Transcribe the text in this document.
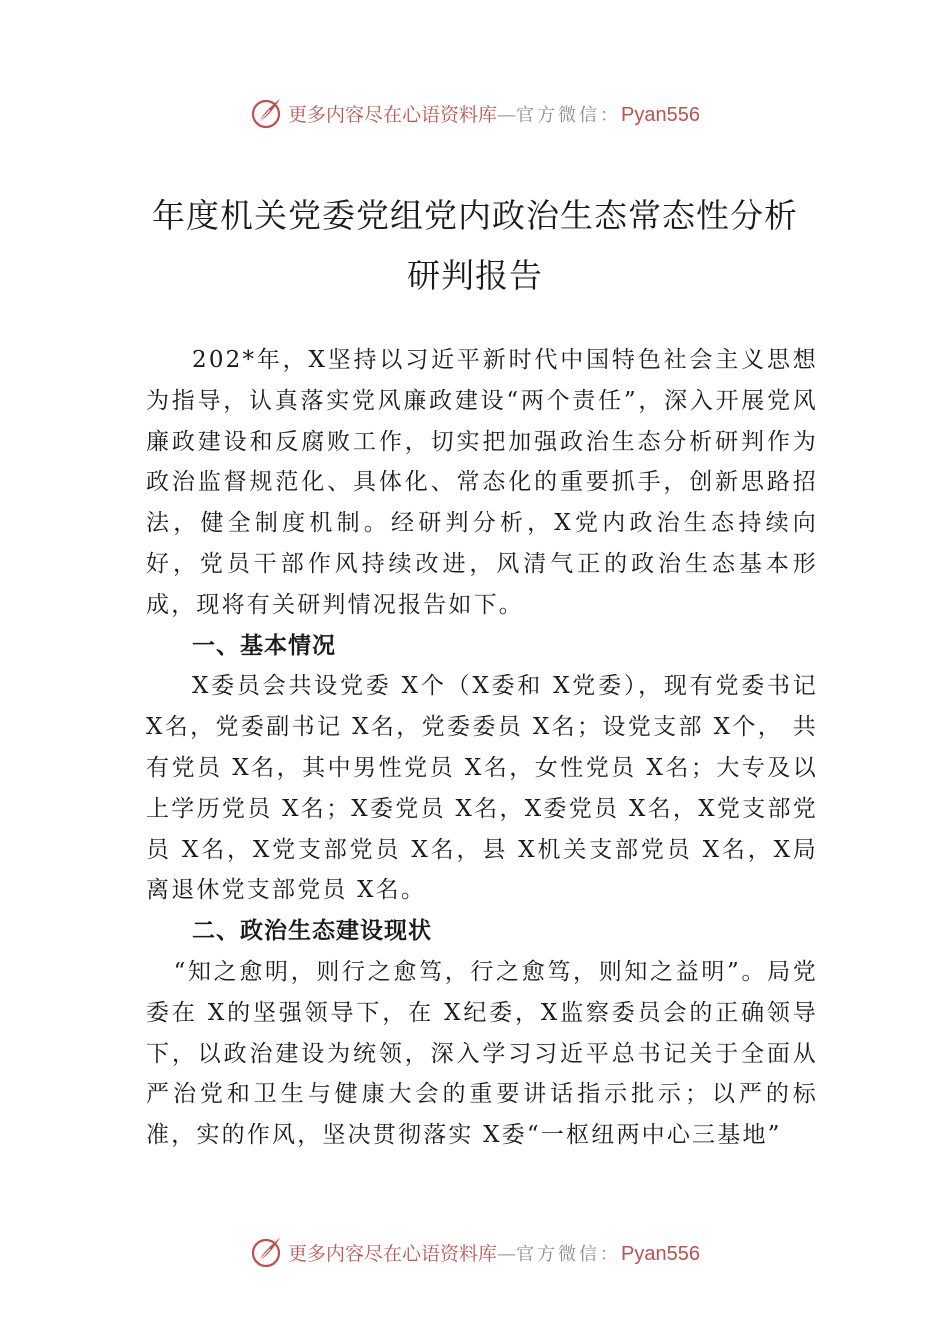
更多内容尽在心语资料库—官方微信：Pyan556
年度机关党委党组党内政治生态常态性分析研判报告

202*年，X坚持以习近平新时代中国特色社会主义思想为指导，认真落实党风廉政建设“两个责任”，深入开展党风廉政建设和反腐败工作，切实把加强政治生态分析研判作为政治监督规范化、具体化、常态化的重要抓手，创新思路招法，健全制度机制。经研判分析，X党内政治生态持续向好，党员干部作风持续改进，风清气正的政治生态基本形成，现将有关研判情况报告如下。

一、基本情况

X委员会共设党委 X个（X委和 X党委），现有党委书记 X名，党委副书记 X名，党委委员 X名；设党支部 X个， 共有党员 X名，其中男性党员 X名，女性党员 X名；大专及以上学历党员 X名；X委党员 X名，X委党员 X名，X党支部党员 X名，X党支部党员 X名，县 X机关支部党员 X名，X局离退休党支部党员 X名。

二、政治生态建设现状

“知之愈明，则行之愈笃，行之愈笃，则知之益明”。局党委在 X的坚强领导下，在 X纪委，X监察委员会的正确领导下，以政治建设为统领，深入学习习近平总书记关于全面从严治党和卫生与健康大会的重要讲话指示批示；以严的标准，实的作风，坚决贯彻落实 X委“一枢纽两中心三基地”

更多内容尽在心语资料库—官方微信：Pyan556
